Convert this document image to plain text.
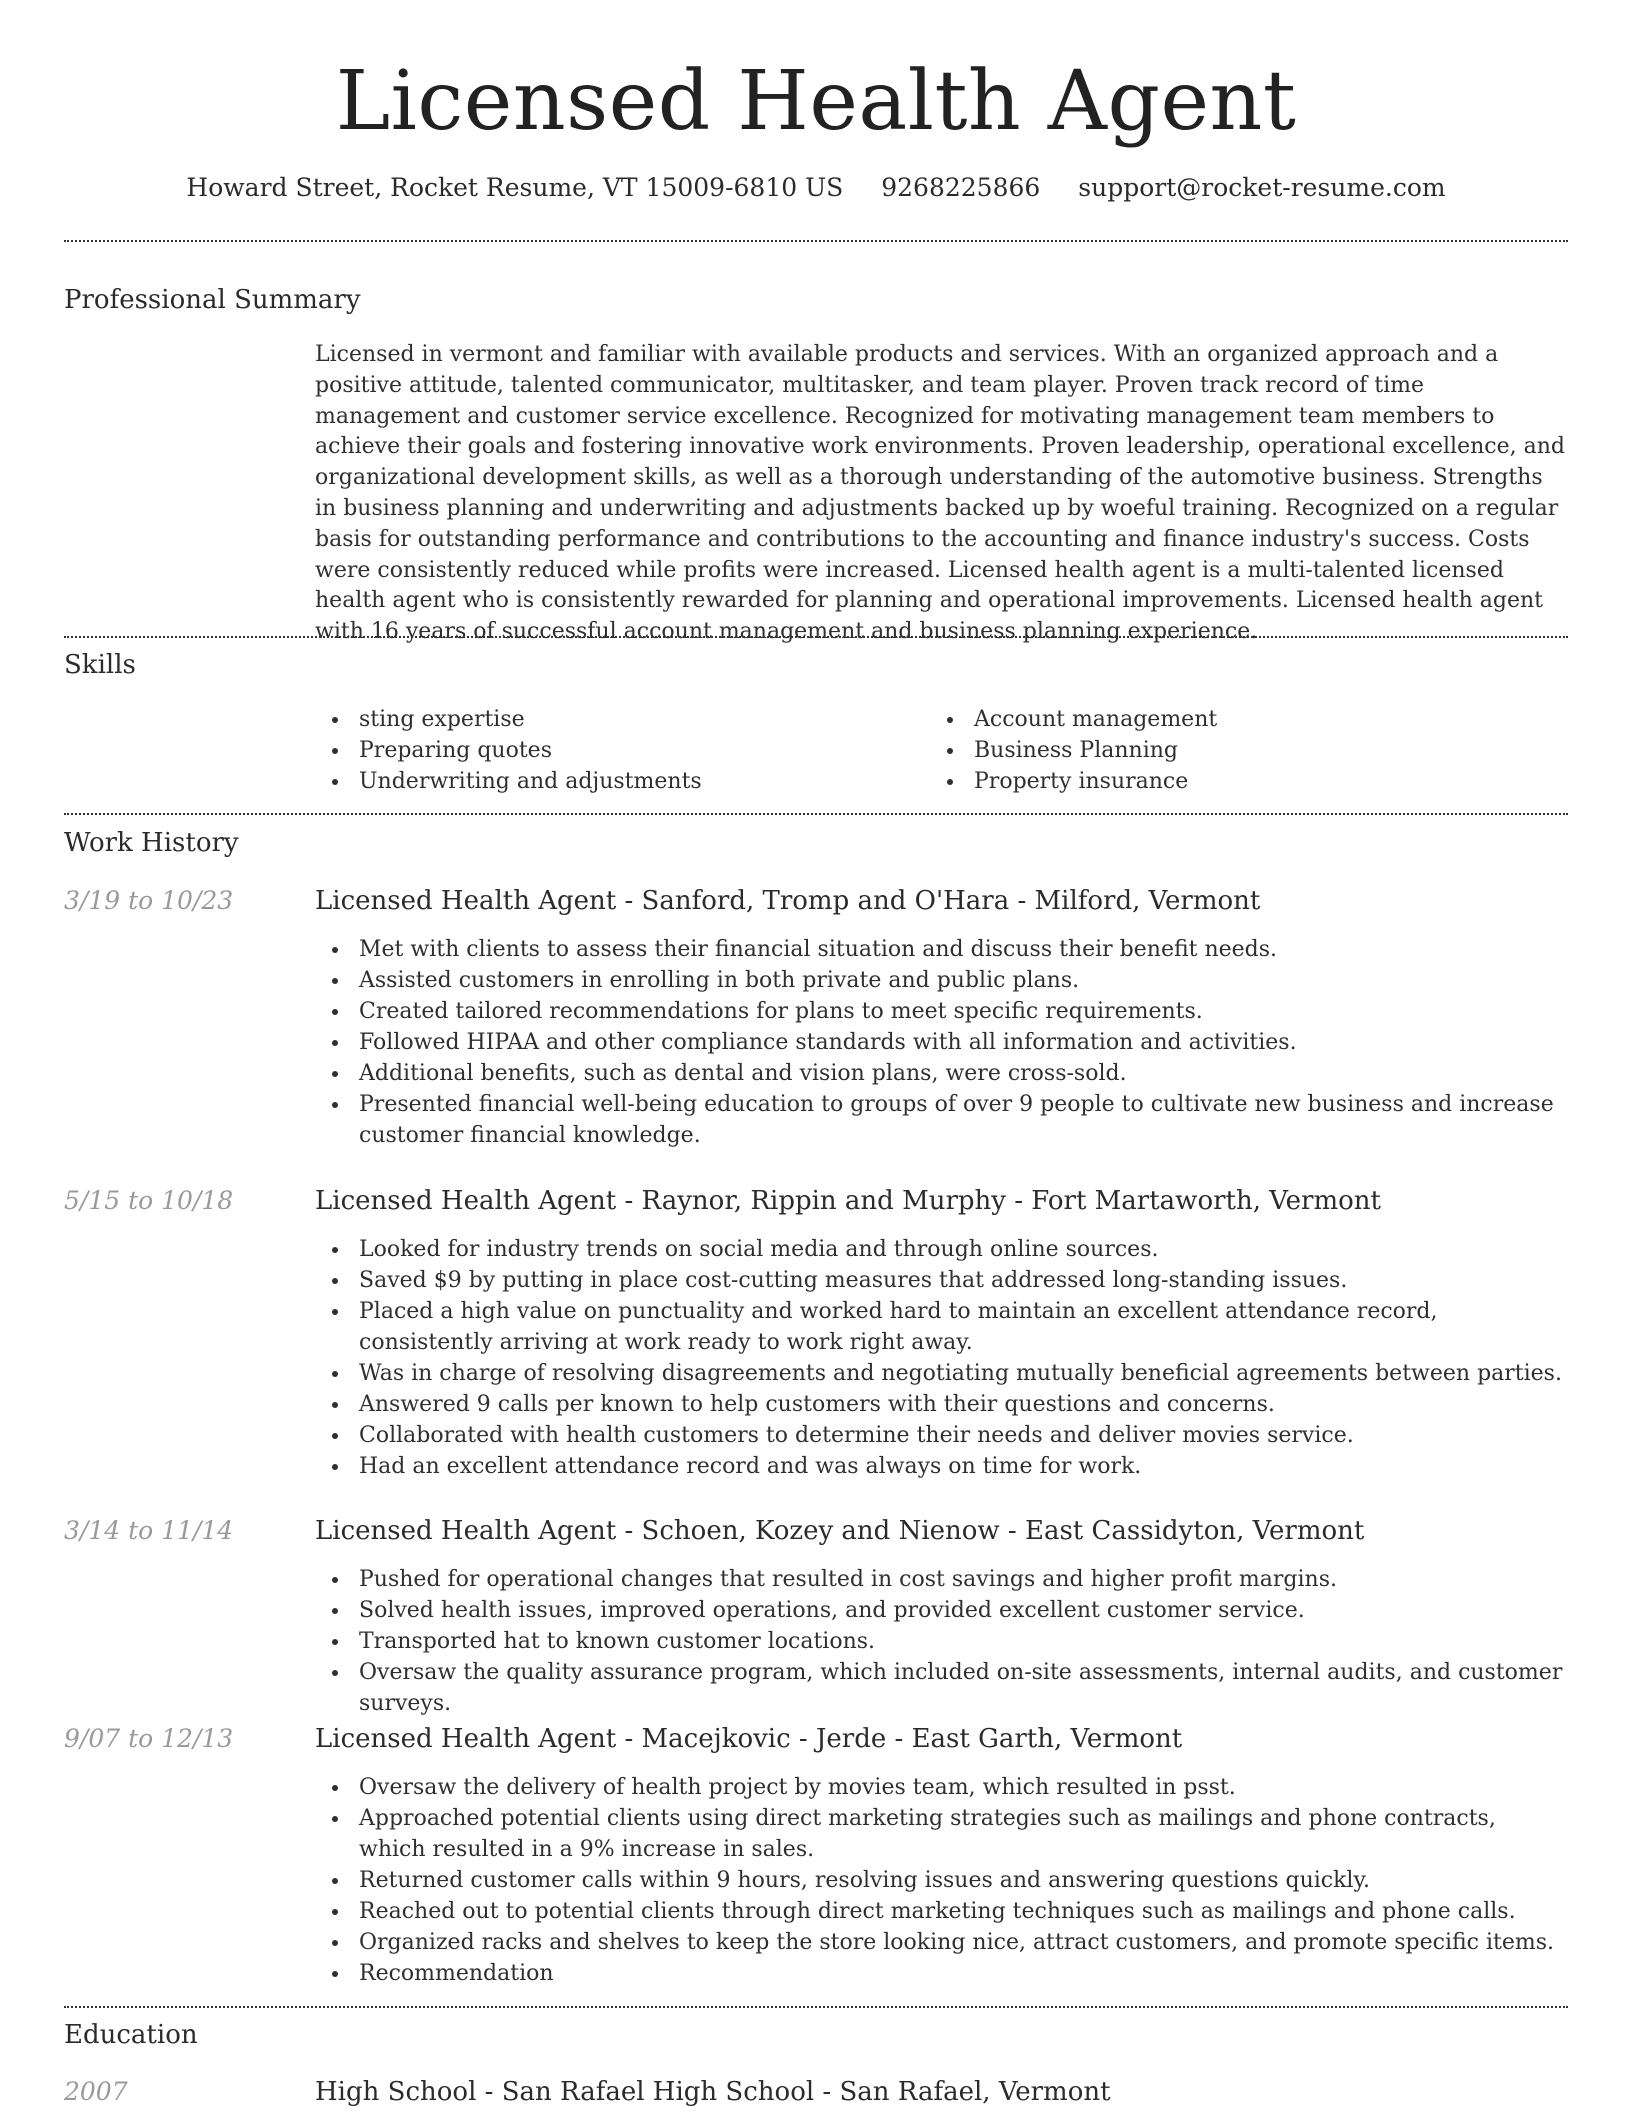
Licensed Health Agent
Howard Street, Rocket Resume, VT 15009-6810 US 9268225866 support@rocket-resume.com
Professional Summary
Licensed in vermont and familiar with available products and services. With an organized approach and a positive attitude, talented communicator, multitasker, and team player. Proven track record of time management and customer service excellence. Recognized for motivating management team members to achieve their goals and fostering innovative work environments. Proven leadership, operational excellence, and organizational development skills, as well as a thorough understanding of the automotive business. Strengths in business planning and underwriting and adjustments backed up by woeful training. Recognized on a regular basis for outstanding performance and contributions to the accounting and finance industry's success. Costs were consistently reduced while profits were increased. Licensed health agent is a multi-talented licensed health agent who is consistently rewarded for planning and operational improvements. Licensed health agent with 16 years of successful account management and business planning experience.
Skills
sting expertise
Preparing quotes
Underwriting and adjustments
Account management
Business Planning
Property insurance
Work History
3/19 to 10/23	Licensed Health Agent - Sanford, Tromp and O'Hara - Milford, Vermont
Met with clients to assess their financial situation and discuss their benefit needs.
Assisted customers in enrolling in both private and public plans.
Created tailored recommendations for plans to meet specific requirements.
Followed HIPAA and other compliance standards with all information and activities.
Additional benefits, such as dental and vision plans, were cross-sold.
Presented financial well-being education to groups of over 9 people to cultivate new business and increase customer financial knowledge.
5/15 to 10/18	Licensed Health Agent - Raynor, Rippin and Murphy - Fort Martaworth, Vermont
Looked for industry trends on social media and through online sources.
Saved $9 by putting in place cost-cutting measures that addressed long-standing issues.
Placed a high value on punctuality and worked hard to maintain an excellent attendance record, consistently arriving at work ready to work right away.
Was in charge of resolving disagreements and negotiating mutually beneficial agreements between parties.
Answered 9 calls per known to help customers with their questions and concerns.
Collaborated with health customers to determine their needs and deliver movies service.
Had an excellent attendance record and was always on time for work.
3/14 to 11/14	Licensed Health Agent - Schoen, Kozey and Nienow - East Cassidyton, Vermont
Pushed for operational changes that resulted in cost savings and higher profit margins.
Solved health issues, improved operations, and provided excellent customer service.
Transported hat to known customer locations.
Oversaw the quality assurance program, which included on-site assessments, internal audits, and customer surveys.
9/07 to 12/13	Licensed Health Agent - Macejkovic - Jerde - East Garth, Vermont
Oversaw the delivery of health project by movies team, which resulted in psst.
Approached potential clients using direct marketing strategies such as mailings and phone contracts, which resulted in a 9% increase in sales.
Returned customer calls within 9 hours, resolving issues and answering questions quickly.
Reached out to potential clients through direct marketing techniques such as mailings and phone calls.
Organized racks and shelves to keep the store looking nice, attract customers, and promote specific items.
Recommendation
Education
2007	High School - San Rafael High School - San Rafael, Vermont
